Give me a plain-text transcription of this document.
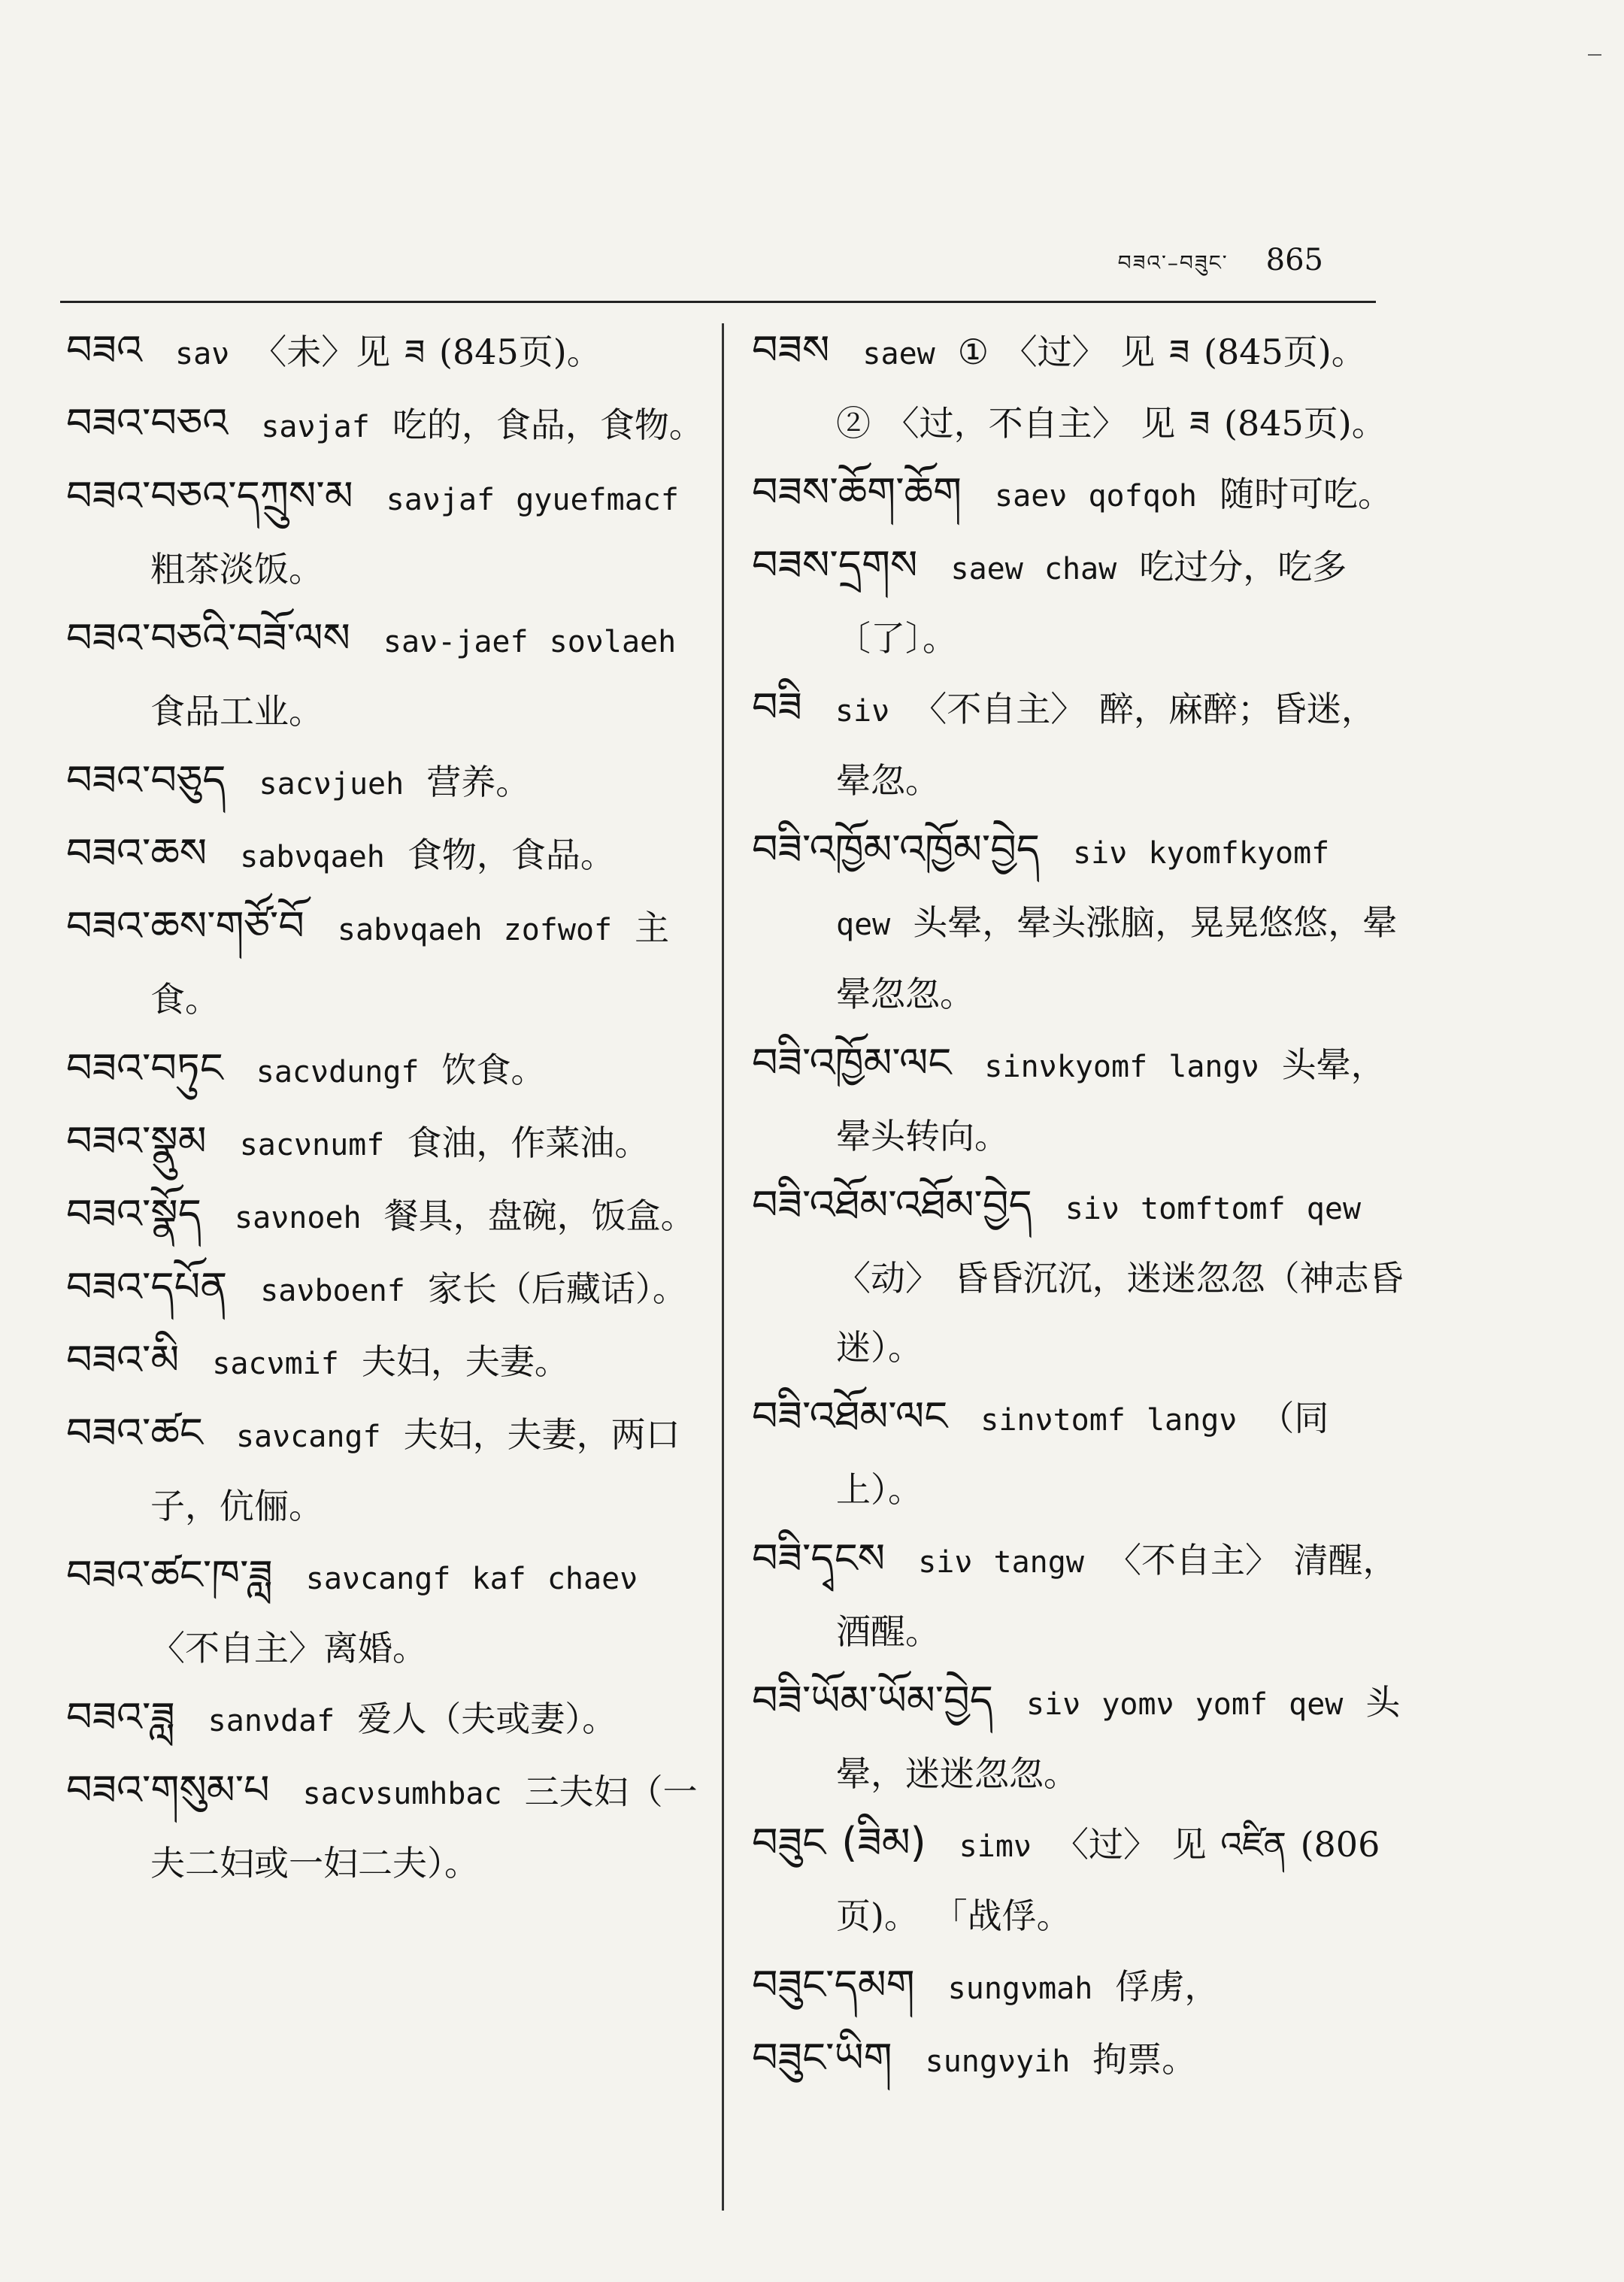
བཟའ་–བཟུང་ 865
བཟའ saν 〈未〉见 ཟ (845页)。
བཟའ་བཅའ saνjaf 吃的，食品，食物。
བཟའ་བཅའ་དཀྲུས་མ saνjaf gyuefmacf粗茶淡饭。
བཟའ་བཅའི་བཟོ་ལས saν-jaef soνlaeh食品工业。
བཟའ་བཅུད sacνjueh 营养。
བཟའ་ཆས sabνqaeh 食物，食品。
བཟའ་ཆས་གཙོ་བོ sabνqaeh zofwof 主食。
བཟའ་བཏུང sacνdungf 饮食。
བཟའ་སྣུམ sacνnumf 食油，作菜油。
བཟའ་སྣོད saνnoeh 餐具，盘碗，饭盒。
བཟའ་དཔོན saνboenf 家长（后藏话）。
བཟའ་མི sacνmif 夫妇，夫妻。
བཟའ་ཚང saνcangf 夫妇，夫妻，两口子，伉俪。
བཟའ་ཚང་ཁ་ཟླ saνcangf kaf chaeν〈不自主〉离婚。
བཟའ་ཟླ sanνdaf 爱人（夫或妻）。
བཟའ་གསུམ་པ sacνsumhbac 三夫妇（一夫二妇或一妇二夫）。
བཟས saew ① 〈过〉 见 ཟ (845页)。 ② 〈过，不自主〉 见 ཟ (845页)。
བཟས་ཆོག་ཆོག saeν qofqoh 随时可吃。
བཟས་དྲགས saew chaw 吃过分，吃多〔了〕。
བཟི siν 〈不自主〉 醉，麻醉；昏迷，晕忽。
བཟི་འཁྱོམ་འཁྱོམ་བྱེད siν kyomfkyomf qew 头晕，晕头涨脑，晃晃悠悠，晕晕忽忽。
བཟི་འཁྱོམ་ལང sinνkyomf langν 头晕，晕头转向。
བཟི་འཐོམ་འཐོམ་བྱེད siν tomftomf qew〈动〉 昏昏沉沉，迷迷忽忽（神志昏迷）。
བཟི་འཐོམ་ལང sinνtomf langν （同上）。
བཟི་དྭངས siν tangw 〈不自主〉 清醒，酒醒。
བཟི་ཡོམ་ཡོམ་བྱེད siν yomν yomf qew 头晕，迷迷忽忽。
བཟུང (ཟིམ) simν 〈过〉 见 འཛིན (806页)。 「战俘。
བཟུང་དམག sungνmah 俘虏，
བཟུང་ཡིག sungνyih 拘票。
